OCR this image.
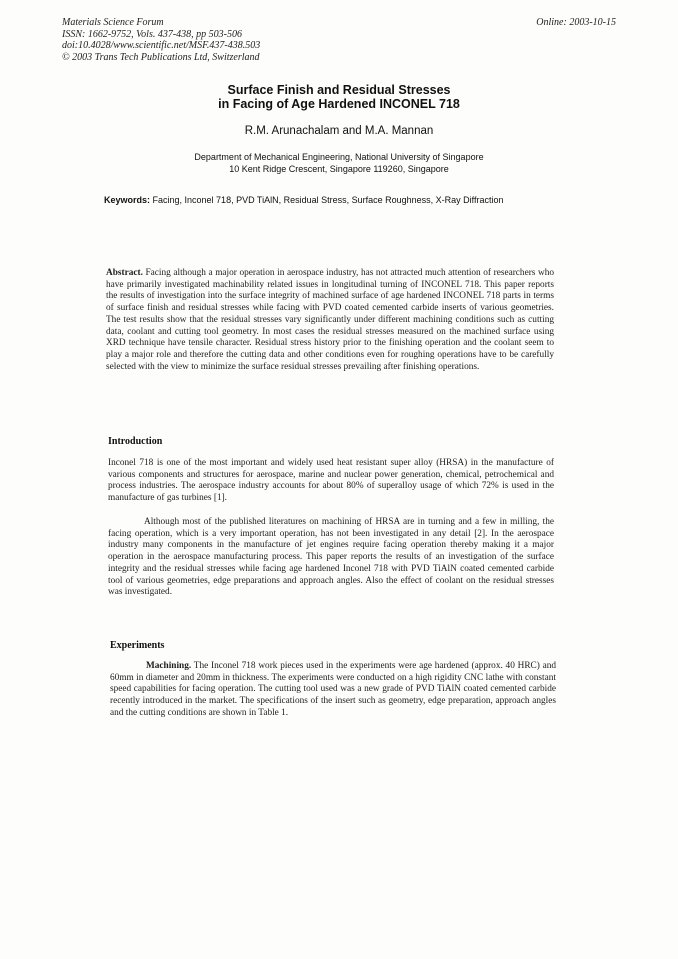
Materials Science Forum
ISSN: 1662-9752, Vols. 437-438, pp 503-506
doi:10.4028/www.scientific.net/MSF.437-438.503
© 2003 Trans Tech Publications Ltd, Switzerland
Online: 2003-10-15
Surface Finish and Residual Stresses
in Facing of Age Hardened INCONEL 718
R.M. Arunachalam and M.A. Mannan
Department of Mechanical Engineering, National University of Singapore
10 Kent Ridge Crescent, Singapore 119260, Singapore
Keywords: Facing, Inconel 718, PVD TiAlN, Residual Stress, Surface Roughness, X-Ray Diffraction
Abstract. Facing although a major operation in aerospace industry, has not attracted much attention of researchers who have primarily investigated machinability related issues in longitudinal turning of INCONEL 718. This paper reports the results of investigation into the surface integrity of machined surface of age hardened INCONEL 718 parts in terms of surface finish and residual stresses while facing with PVD coated cemented carbide inserts of various geometries. The test results show that the residual stresses vary significantly under different machining conditions such as cutting data, coolant and cutting tool geometry. In most cases the residual stresses measured on the machined surface using XRD technique have tensile character. Residual stress history prior to the finishing operation and the coolant seem to play a major role and therefore the cutting data and other conditions even for roughing operations have to be carefully selected with the view to minimize the surface residual stresses prevailing after finishing operations.
Introduction
Inconel 718 is one of the most important and widely used heat resistant super alloy (HRSA) in the manufacture of various components and structures for aerospace, marine and nuclear power generation, chemical, petrochemical and process industries. The aerospace industry accounts for about 80% of superalloy usage of which 72% is used in the manufacture of gas turbines [1].
Although most of the published literatures on machining of HRSA are in turning and a few in milling, the facing operation, which is a very important operation, has not been investigated in any detail [2]. In the aerospace industry many components in the manufacture of jet engines require facing operation thereby making it a major operation in the aerospace manufacturing process. This paper reports the results of an investigation of the surface integrity and the residual stresses while facing age hardened Inconel 718 with PVD TiAlN coated cemented carbide tool of various geometries, edge preparations and approach angles. Also the effect of coolant on the residual stresses was investigated.
Experiments
Machining. The Inconel 718 work pieces used in the experiments were age hardened (approx. 40 HRC) and 60mm in diameter and 20mm in thickness. The experiments were conducted on a high rigidity CNC lathe with constant speed capabilities for facing operation. The cutting tool used was a new grade of PVD TiAlN coated cemented carbide recently introduced in the market. The specifications of the insert such as geometry, edge preparation, approach angles and the cutting conditions are shown in Table 1.
